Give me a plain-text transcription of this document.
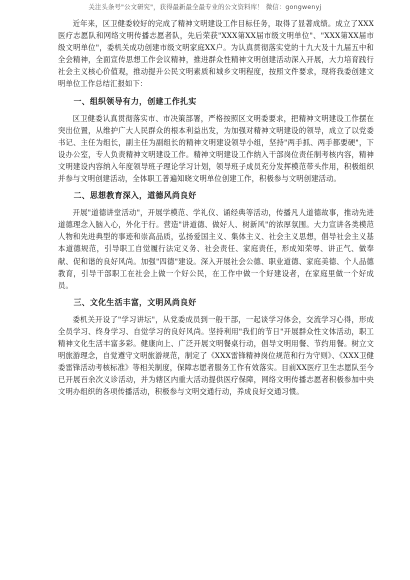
关注头条号"公文研究"，获得最新最全最专业的公文资料库！ 微信：gongwenyj

近年来，区卫健委较好的完成了精神文明建设工作目标任务，取得了显著成绩。成立了XXX医疗志愿队和网络文明传播志愿者队，先后荣获"XXX第XX届市级文明单位"、"XXX第XX届市级文明单位"，委机关成功创建市级文明家庭XX户。为认真贯彻落实党的十九大及十九届五中和全会精神，全面宣传思想工作会议精神，推进群众性精神文明创建活动深入开展，大力培育践行社会主义核心价值观，推动提升公民文明素质和城乡文明程度，按照文件要求，现将我委创建文明单位工作总结汇报如下：

一、组织领导有力，创建工作扎实

区卫健委认真贯彻落实市、市决策部署，严格按照区文明委要求，把精神文明建设工作摆在突出位置，从维护广大人民群众的根本利益出发，为加强对精神文明建设的领导，成立了以党委书记、主任为组长，副主任为副组长的精神文明建设领导小组，坚持"两手抓、两手都要硬"，下设办公室，专人负责精神文明建设工作。精神文明建设工作纳入干部岗位责任制考核内容，精神文明建设内容纳入年度领导班子理论学习计划，领导班子成员充分发挥模范带头作用，积极组织并参与文明创建活动，全体职工普遍知晓文明单位创建工作，积极参与文明创建活动。

二、思想教育深入，道德风尚良好

开展"道德讲堂活动"，开展学模范、学礼仪、诵经典等活动，传播凡人道德故事，推动先进道德理念入脑入心，外化于行。营造"讲道德、做好人、树新风"的浓厚氛围。大力宣讲各类模范人物和先进典型的事迹和崇高品质，弘扬爱国主义、集体主义、社会主义思想，倡导社会主义基本道德规范，引导职工自觉履行法定义务、社会责任、家庭责任，形成知荣辱、讲正气、做奉献、促和谐的良好风尚。加强"四德"建设。深入开展社会公德、职业道德、家庭美德、个人品德教育，引导干部职工在社会上做一个好公民，在工作中做一个好建设者，在家庭里做一个好成员。

三、文化生活丰富，文明风尚良好

委机关开设了"学习讲坛"，从党委成员到一般干部，一起谈学习体会，交流学习心得，形成全员学习、终身学习、自觉学习的良好风尚。坚持利用"我们的节日"开展群众性文体活动，职工精神文化生活丰富多彩。健康向上、广泛开展文明餐桌行动，倡导文明用餐、节约用餐。树立文明旅游理念，自觉遵守文明旅游规范，制定了《XXX雷锋精神岗位规范和行为守则》、《XXX卫健委雷锋活动考核标准》等相关制度，保障志愿者服务工作有效落实。目前XX医疗卫生志愿队至今已开展百余次义诊活动，并为辖区内重大活动提供医疗保障，网络文明传播志愿者积极参加中央文明办组织的各项传播活动，积极参与文明交通行动，养成良好交通习惯。
